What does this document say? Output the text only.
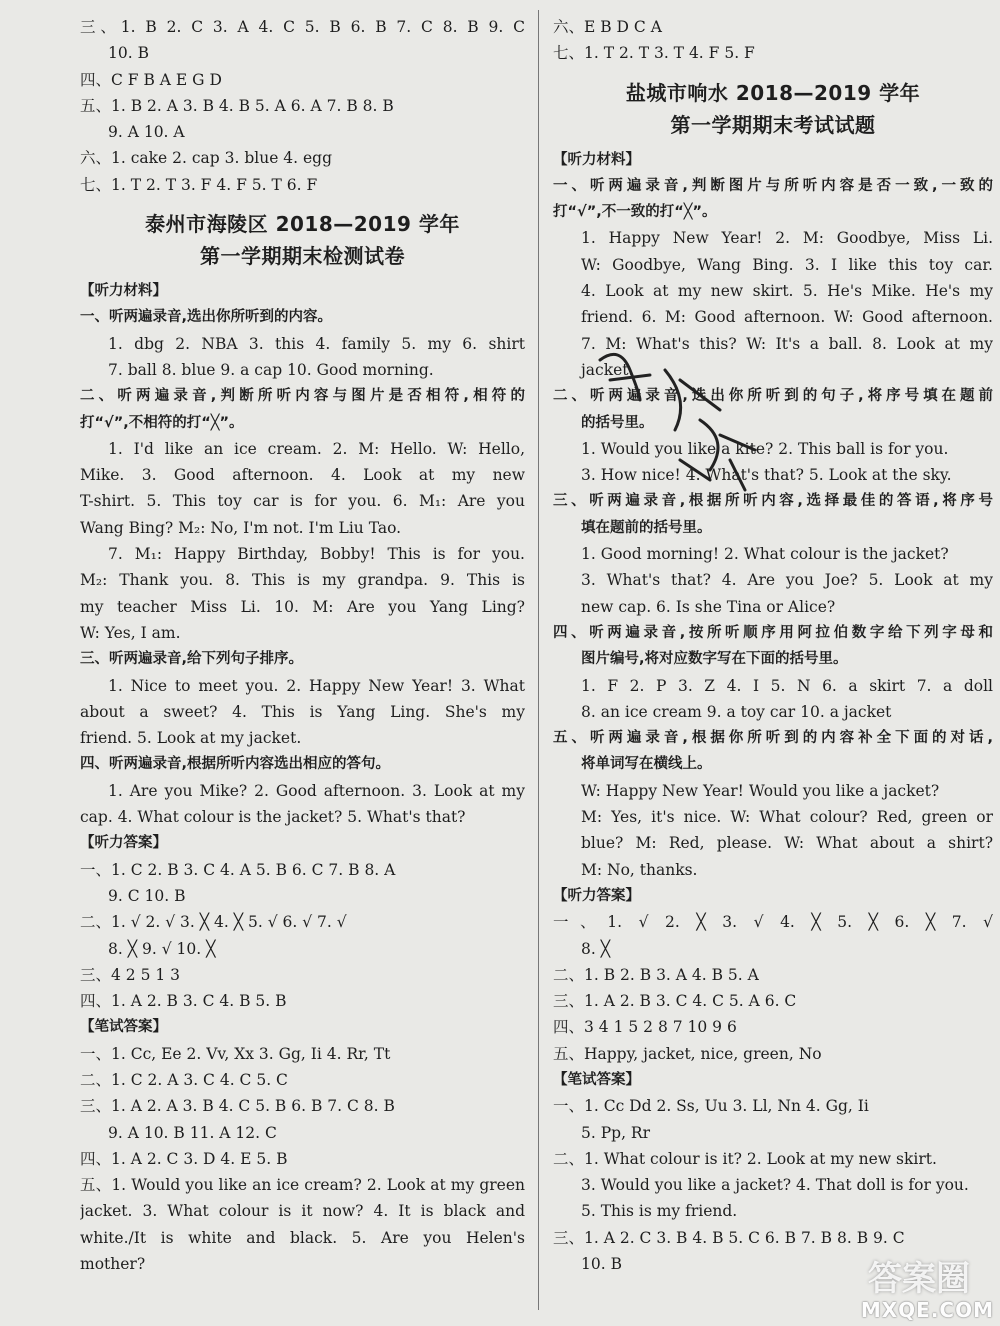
三、1. B 2. C 3. A 4. C 5. B 6. B 7. C 8. B 9. C
10. B
四、C F B A E G D
五、1. B 2. A 3. B 4. B 5. A 6. A 7. B 8. B
9. A 10. A
六、1. cake 2. cap 3. blue 4. egg
七、1. T 2. T 3. F 4. F 5. T 6. F
泰州市海陵区 2018—2019 学年
第一学期期末检测试卷
【听力材料】
一、听两遍录音,选出你所听到的内容。
1. dbg 2. NBA 3. this 4. family 5. my 6. shirt
7. ball 8. blue 9. a cap 10. Good morning.
二、听两遍录音,判断所听内容与图片是否相符,相符的
打“√”,不相符的打“╳”。
1. I'd like an ice cream. 2. M: Hello. W: Hello,
Mike. 3. Good afternoon. 4. Look at my new
T-shirt. 5. This toy car is for you. 6. M₁: Are you
Wang Bing? M₂: No, I'm not. I'm Liu Tao.
7. M₁: Happy Birthday, Bobby! This is for you.
M₂: Thank you. 8. This is my grandpa. 9. This is
my teacher Miss Li. 10. M: Are you Yang Ling?
W: Yes, I am.
三、听两遍录音,给下列句子排序。
1. Nice to meet you. 2. Happy New Year! 3. What
about a sweet? 4. This is Yang Ling. She's my
friend. 5. Look at my jacket.
四、听两遍录音,根据所听内容选出相应的答句。
1. Are you Mike? 2. Good afternoon. 3. Look at my
cap. 4. What colour is the jacket? 5. What's that?
【听力答案】
一、1. C 2. B 3. C 4. A 5. B 6. C 7. B 8. A
9. C 10. B
二、1. √ 2. √ 3. ╳ 4. ╳ 5. √ 6. √ 7. √
8. ╳ 9. √ 10. ╳
三、4 2 5 1 3
四、1. A 2. B 3. C 4. B 5. B
【笔试答案】
一、1. Cc, Ee 2. Vv, Xx 3. Gg, Ii 4. Rr, Tt
二、1. C 2. A 3. C 4. C 5. C
三、1. A 2. A 3. B 4. C 5. B 6. B 7. C 8. B
9. A 10. B 11. A 12. C
四、1. A 2. C 3. D 4. E 5. B
五、1. Would you like an ice cream? 2. Look at my green
jacket. 3. What colour is it now? 4. It is black and
white./It is white and black. 5. Are you Helen's
mother?
六、E B D C A
七、1. T 2. T 3. T 4. F 5. F
盐城市响水 2018—2019 学年
第一学期期末考试试题
【听力材料】
一、听两遍录音,判断图片与所听内容是否一致,一致的
打“√”,不一致的打“╳”。
1. Happy New Year! 2. M: Goodbye, Miss Li.
W: Goodbye, Wang Bing. 3. I like this toy car.
4. Look at my new skirt. 5. He's Mike. He's my
friend. 6. M: Good afternoon. W: Good afternoon.
7. M: What's this? W: It's a ball. 8. Look at my
jacket.
二、听两遍录音,选出你所听到的句子,将序号填在题前
的括号里。
1. Would you like a kite? 2. This ball is for you.
3. How nice! 4. What's that? 5. Look at the sky.
三、听两遍录音,根据所听内容,选择最佳的答语,将序号
填在题前的括号里。
1. Good morning! 2. What colour is the jacket?
3. What's that? 4. Are you Joe? 5. Look at my
new cap. 6. Is she Tina or Alice?
四、听两遍录音,按所听顺序用阿拉伯数字给下列字母和
图片编号,将对应数字写在下面的括号里。
1. F 2. P 3. Z 4. I 5. N 6. a skirt 7. a doll
8. an ice cream 9. a toy car 10. a jacket
五、听两遍录音,根据你所听到的内容补全下面的对话,
将单词写在横线上。
W: Happy New Year! Would you like a jacket?
M: Yes, it's nice. W: What colour? Red, green or
blue? M: Red, please. W: What about a shirt?
M: No, thanks.
【听力答案】
一、1. √ 2. ╳ 3. √ 4. ╳ 5. ╳ 6. ╳ 7. √
8. ╳
二、1. B 2. B 3. A 4. B 5. A
三、1. A 2. B 3. C 4. C 5. A 6. C
四、3 4 1 5 2 8 7 10 9 6
五、Happy, jacket, nice, green, No
【笔试答案】
一、1. Cc Dd 2. Ss, Uu 3. Ll, Nn 4. Gg, Ii
5. Pp, Rr
二、1. What colour is it? 2. Look at my new skirt.
3. Would you like a jacket? 4. That doll is for you.
5. This is my friend.
三、1. A 2. C 3. B 4. B 5. C 6. B 7. B 8. B 9. C
10. B	答案圈
MXQE.COM
